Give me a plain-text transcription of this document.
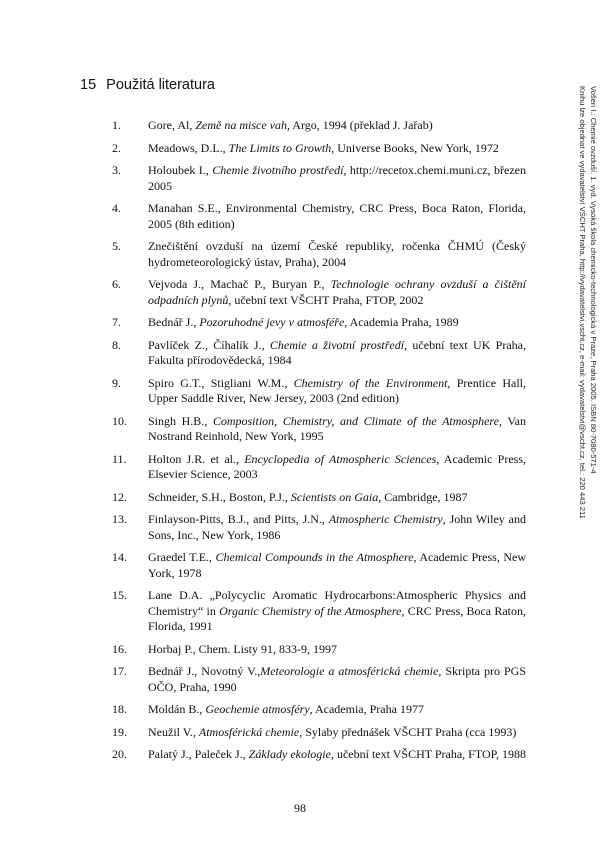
15 Použitá literatura
1.	Gore, Al, Země na misce vah, Argo, 1994 (překlad J. Jařab)
2.	Meadows, D.L., The Limits to Growth, Universe Books, New York, 1972
3.	Holoubek I., Chemie životního prostředí, http://recetox.chemi.muni.cz, březen 2005
4.	Manahan S.E., Environmental Chemistry, CRC Press, Boca Raton, Florida, 2005 (8th edition)
5.	Znečištění ovzduší na území České republiky, ročenka ČHMÚ (Český hydrometeorologický ústav, Praha), 2004
6.	Vejvoda J., Machač P., Buryan P., Technologie ochrany ovzduší a čištění odpadních plynů, učební text VŠCHT Praha, FTOP, 2002
7.	Bednář J., Pozoruhodné jevy v atmosféře, Academia Praha, 1989
8.	Pavlíček Z., Číhalík J., Chemie a životní prostředí, učební text UK Praha, Fakulta přírodovědecká, 1984
9.	Spiro G.T., Stigliani W.M., Chemistry of the Environment, Prentice Hall, Upper Saddle River, New Jersey, 2003 (2nd edition)
10.	Singh H.B., Composition, Chemistry, and Climate of the Atmosphere, Van Nostrand Reinhold, New York, 1995
11.	Holton J.R. et al., Encyclopedia of Atmospheric Sciences, Academic Press, Elsevier Science, 2003
12.	Schneider, S.H., Boston, P.J., Scientists on Gaia, Cambridge, 1987
13.	Finlayson-Pitts, B.J., and Pitts, J.N., Atmospheric Chemistry, John Wiley and Sons, Inc., New York, 1986
14.	Graedel T.E., Chemical Compounds in the Atmosphere, Academic Press, New York, 1978
15.	Lane D.A. „Polycyclic Aromatic Hydrocarbons:Atmospheric Physics and Chemistry“ in Organic Chemistry of the Atmosphere, CRC Press, Boca Raton, Florida, 1991
16.	Horbaj P., Chem. Listy 91, 833-9, 1997
17.	Bednář J., Novotný V.,Meteorologie a atmosférická chemie, Skripta pro PGS OČO, Praha, 1990
18.	Moldán B., Geochemie atmosféry, Academia, Praha 1977
19.	Neužil V., Atmosférická chemie, Sylaby přednášek VŠCHT Praha (cca 1993)
20.	Palatý J., Paleček J., Základy ekologie, učební text VŠCHT Praha, FTOP, 1988
Vošeri I.: Chemie ovzduší. 1. vyd. Vysoká škola chemicko-technologická v Praze, Praha 2005. ISBN 80-7080-571-4
Knihu lze objednat ve vydavatelství VŠCHT Praha, http://vydavatelstvi.vscht.cz, e-mail: vydavatelstvi@vscht.cz, tel.: 220 443 211
98
